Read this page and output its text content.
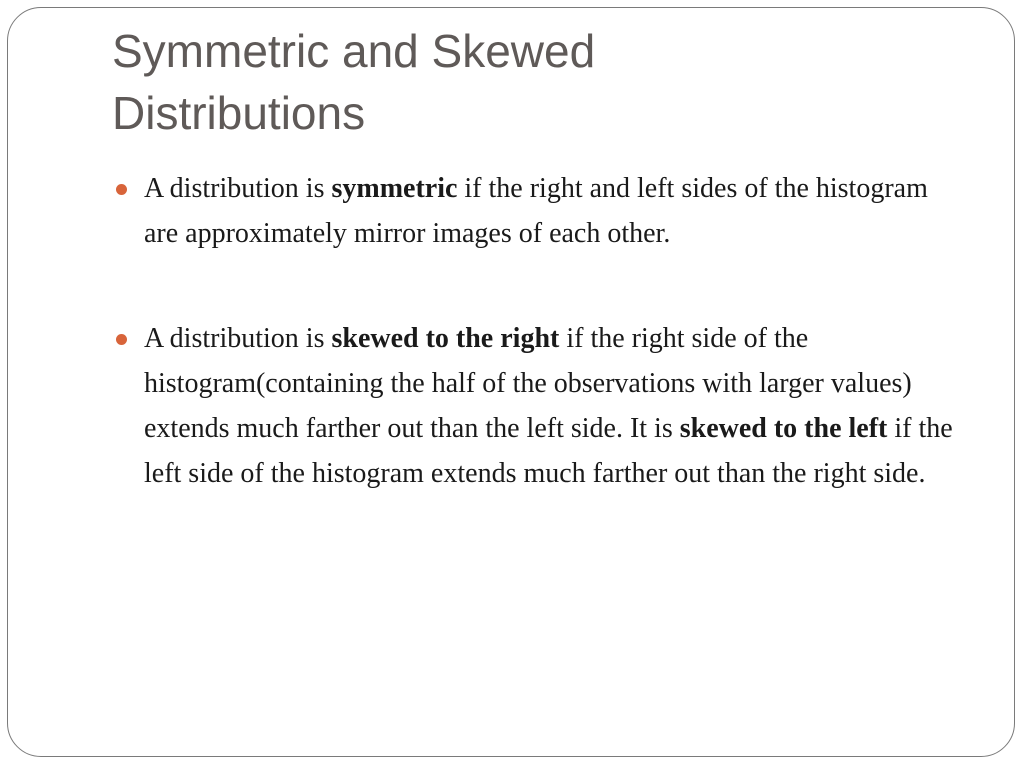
Symmetric and Skewed
Distributions
A distribution is symmetric if the right and left sides of the histogram are approximately mirror images of each other.
A distribution is skewed to the right if the right side of the histogram(containing the half of the observations with larger values) extends much farther out than the left side. It is skewed to the left if the left side of the histogram extends much farther out than the right side.
